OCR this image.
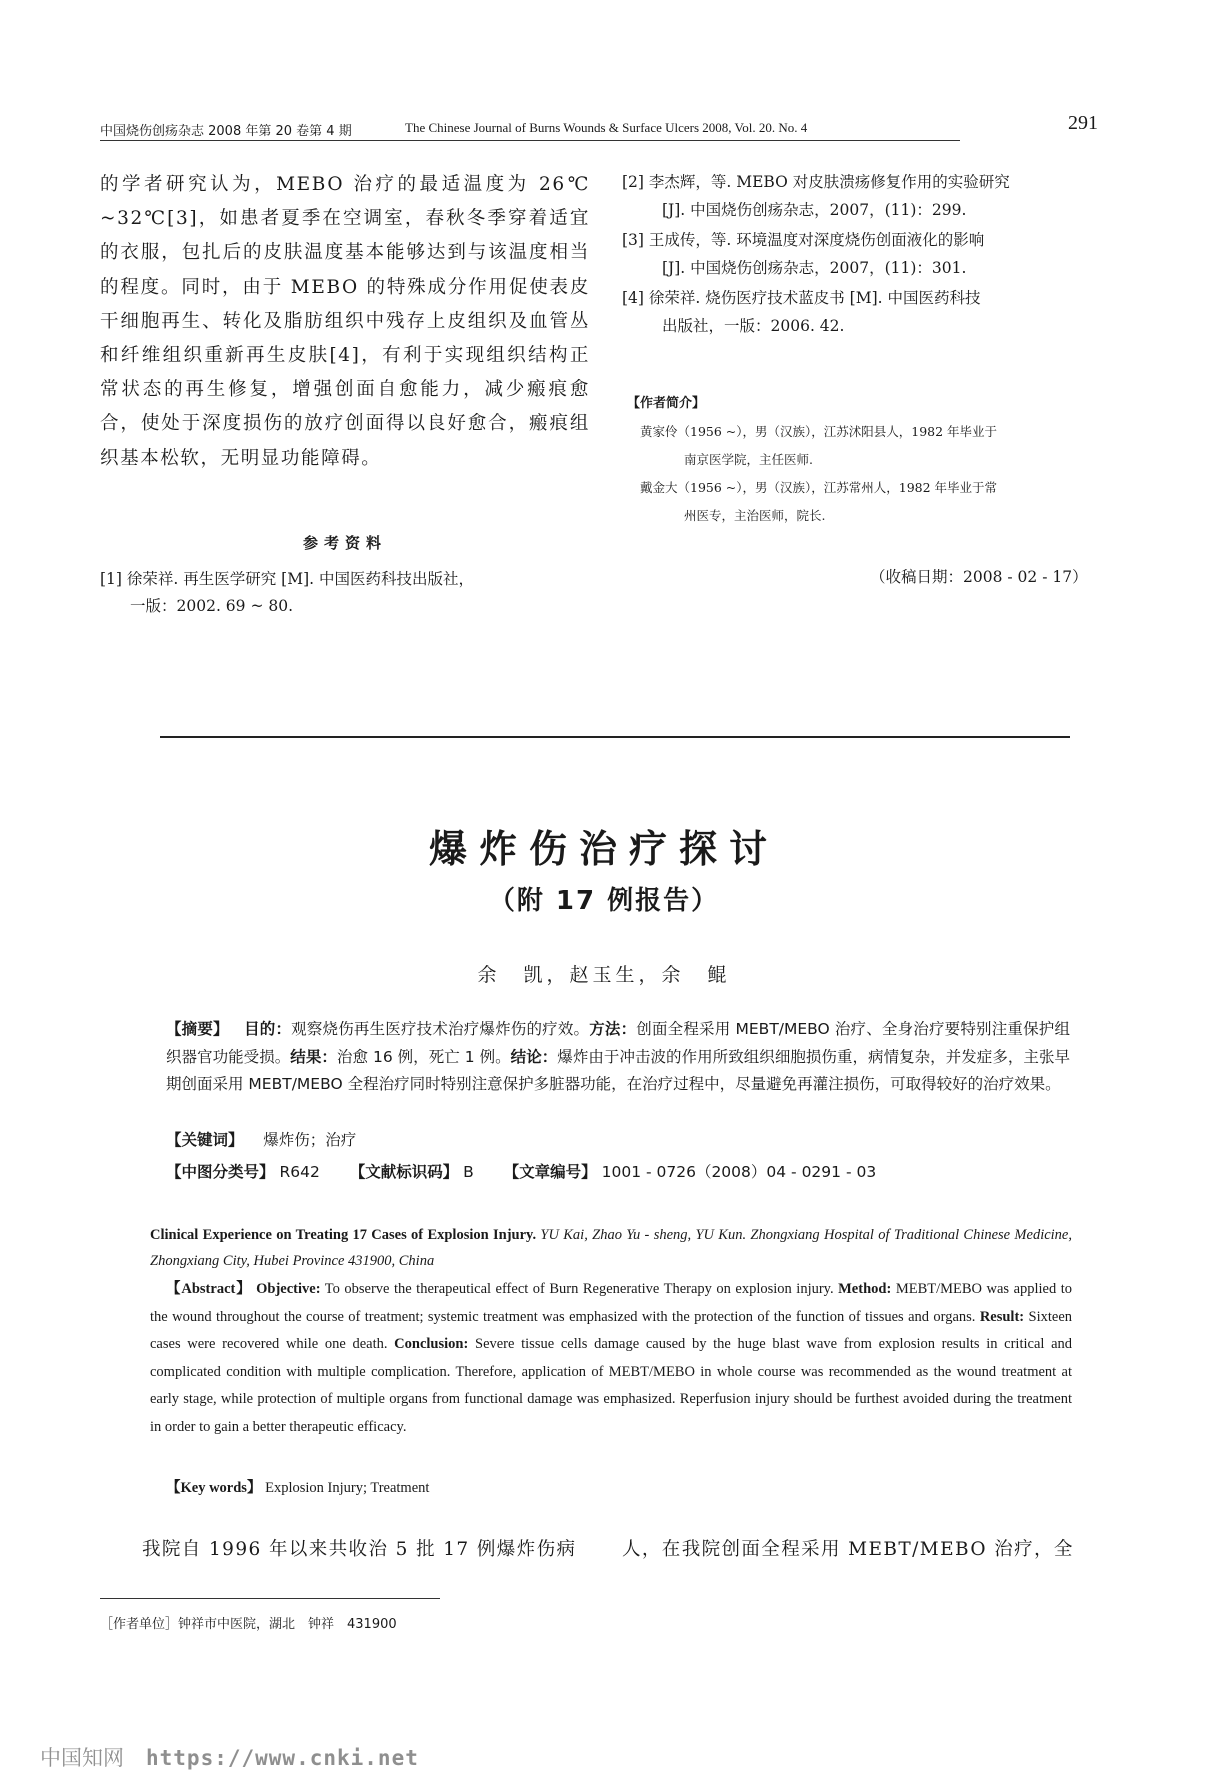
中国烧伤创疡杂志 2008 年第 20 卷第 4 期	The Chinese Journal of Burns Wounds & Surface Ulcers 2008, Vol. 20. No. 4	291

的学者研究认为，MEBO 治疗的最适温度为 26℃ ~32℃[3]，如患者夏季在空调室，春秋冬季穿着适宜的衣服，包扎后的皮肤温度基本能够达到与该温度相当的程度。同时，由于 MEBO 的特殊成分作用促使表皮干细胞再生、转化及脂肪组织中残存上皮组织及血管丛和纤维组织重新再生皮肤[4]，有利于实现组织结构正常状态的再生修复，增强创面自愈能力，减少瘢痕愈合，使处于深度损伤的放疗创面得以良好愈合，瘢痕组织基本松软，无明显功能障碍。

参考资料
[1] 徐荣祥. 再生医学研究 [M]. 中国医药科技出版社，
一版：2002. 69 ~ 80.
[2] 李杰辉，等. MEBO 对皮肤溃疡修复作用的实验研究
[J]. 中国烧伤创疡杂志，2007，(11)：299.
[3] 王成传，等. 环境温度对深度烧伤创面液化的影响
[J]. 中国烧伤创疡杂志，2007，(11)：301.
[4] 徐荣祥. 烧伤医疗技术蓝皮书 [M]. 中国医药科技
出版社，一版：2006. 42.
【作者简介】
黄家伶（1956 ~），男（汉族），江苏沭阳县人，1982 年毕业于
南京医学院，主任医师.
戴金大（1956 ~），男（汉族），江苏常州人，1982 年毕业于常
州医专，主治医师，院长.
（收稿日期：2008 - 02 - 17）
爆炸伤治疗探讨
（附 17 例报告）
余　凯，赵玉生，余　鲲
【摘要】 目的：观察烧伤再生医疗技术治疗爆炸伤的疗效。方法：创面全程采用 MEBT/MEBO 治疗、全身治疗要特别注重保护组织器官功能受损。结果：治愈 16 例，死亡 1 例。结论：爆炸由于冲击波的作用所致组织细胞损伤重，病情复杂，并发症多，主张早期创面采用 MEBT/MEBO 全程治疗同时特别注意保护多脏器功能，在治疗过程中，尽量避免再灌注损伤，可取得较好的治疗效果。
【关键词】 爆炸伤；治疗
【中图分类号】 R642 【文献标识码】 B 【文章编号】 1001 - 0726（2008）04 - 0291 - 03
Clinical Experience on Treating 17 Cases of Explosion Injury. YU Kai, Zhao Yu - sheng, YU Kun. Zhongxiang Hospital of Traditional Chinese Medicine, Zhongxiang City, Hubei Province 431900, China
【Abstract】 Objective: To observe the therapeutical effect of Burn Regenerative Therapy on explosion injury. Method: MEBT/MEBO was applied to the wound throughout the course of treatment; systemic treatment was emphasized with the protection of the function of tissues and organs. Result: Sixteen cases were recovered while one death. Conclusion: Severe tissue cells damage caused by the huge blast wave from explosion results in critical and complicated condition with multiple complication. Therefore, application of MEBT/MEBO in whole course was recommended as the wound treatment at early stage, while protection of multiple organs from functional damage was emphasized. Reperfusion injury should be furthest avoided during the treatment in order to gain a better therapeutic efficacy.
【Key words】 Explosion Injury; Treatment
我院自 1996 年以来共收治 5 批 17 例爆炸伤病	人，在我院创面全程采用 MEBT/MEBO 治疗，全
［作者单位］钟祥市中医院，湖北　钟祥　431900
中国知网 https://www.cnki.net
